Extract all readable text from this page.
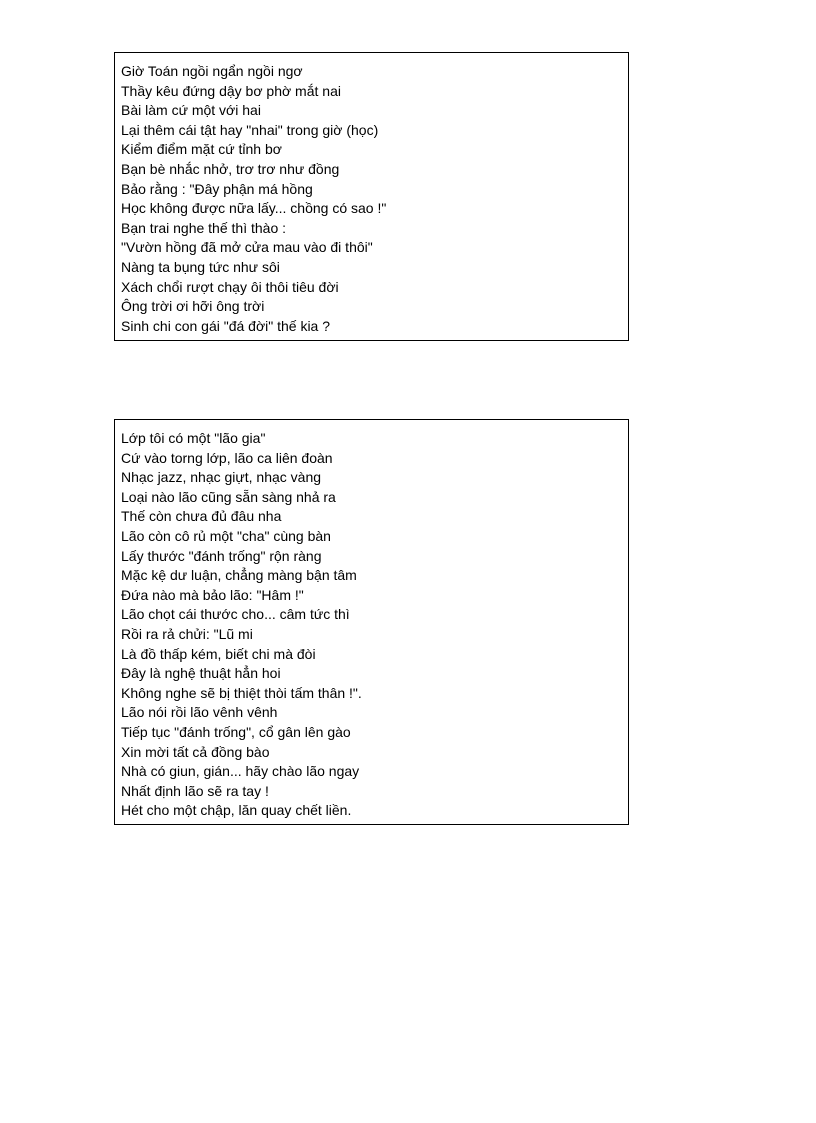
Giờ Toán ngồi ngẩn ngồi ngơ
Thầy kêu đứng dậy bơ phờ mắt nai
Bài làm cứ một với hai
Lại thêm cái tật hay "nhai" trong giờ (học)
Kiểm điểm mặt cứ tỉnh bơ
Bạn bè nhắc nhở, trơ trơ như đồng
Bảo rằng : "Đây phận má hồng
Học không được nữa lấy... chồng có sao !"
Bạn trai nghe thế thì thào :
"Vườn hồng đã mở cửa mau vào đi thôi"
Nàng ta bụng tức như sôi
Xách chổi rượt chạy ôi thôi tiêu đời
Ông trời ơi hỡi ông trời
Sinh chi con gái "đá đời" thế kia ?
Lớp tôi có một "lão gia"
Cứ vào torng lớp, lão ca liên đoàn
Nhạc jazz, nhạc giựt, nhạc vàng
Loại nào lão cũng sẵn sàng nhả ra
Thế còn chưa đủ đâu nha
Lão còn cô rủ một "cha" cùng bàn
Lấy thước "đánh trống" rộn ràng
Mặc kệ dư luận, chẳng màng bận tâm
Đứa nào mà bảo lão: "Hâm !"
Lão chọt cái thước cho... câm tức thì
Rồi ra rả chửi: "Lũ mi
Là đồ thấp kém, biết chi mà đòi
Đây là nghệ thuật hẳn hoi
Không nghe sẽ bị thiệt thòi tấm thân !".
Lão nói rồi lão vênh vênh
Tiếp tục "đánh trống", cổ gân lên gào
Xin mời tất cả đồng bào
Nhà có giun, gián... hãy chào lão ngay
Nhất định lão sẽ ra tay !
Hét cho một chập, lăn quay chết liền.
